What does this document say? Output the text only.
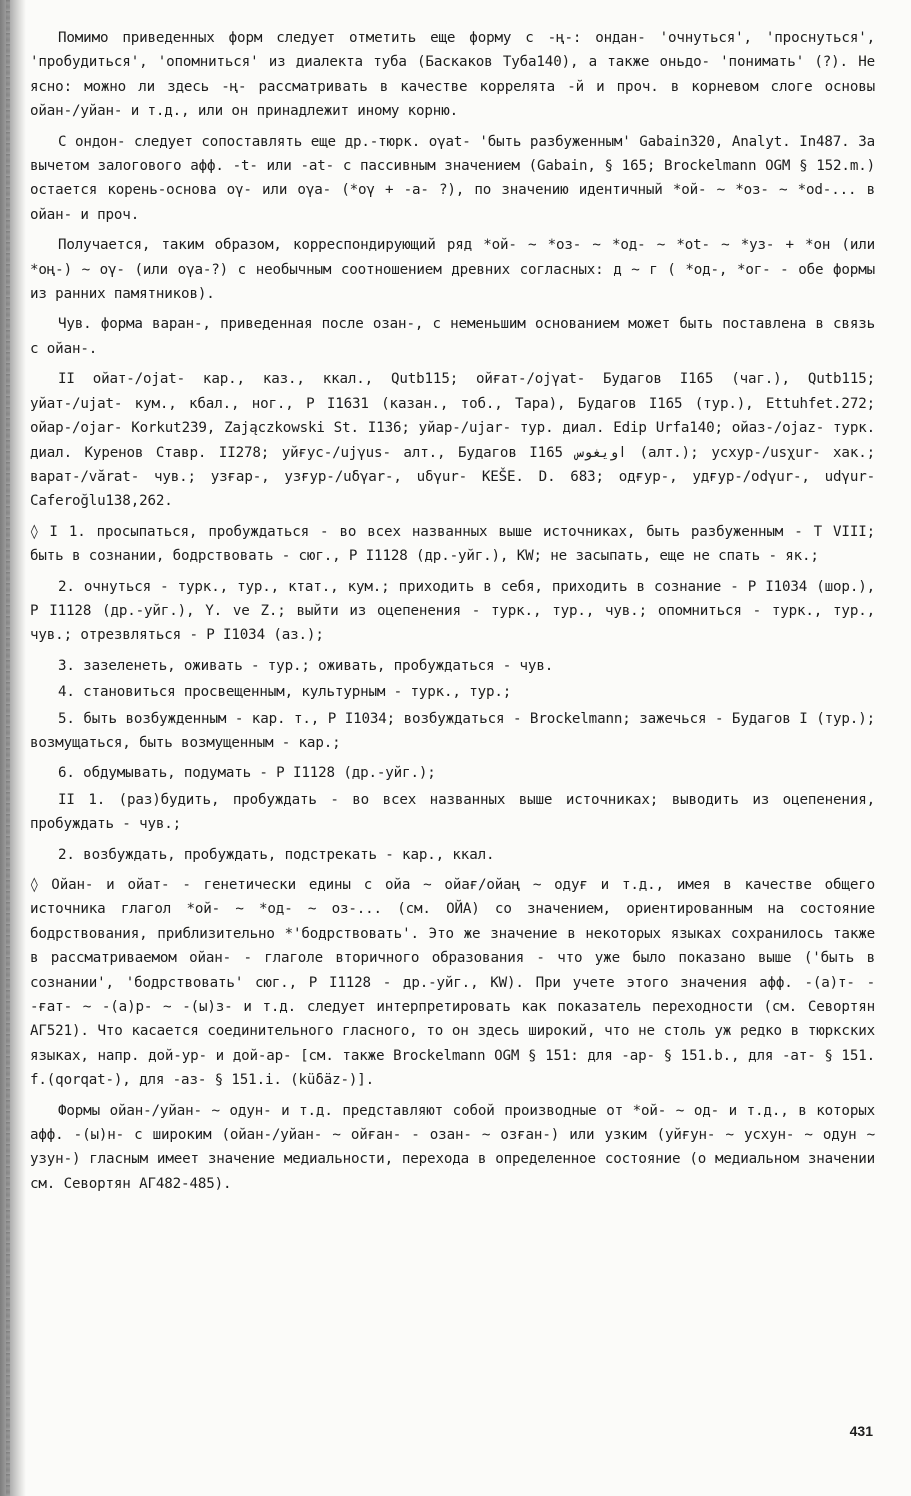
Помимо приведенных форм следует отметить еще форму с -ң-: ондан- 'очнуться', 'проснуться', 'пробудиться', 'опомниться' из диалекта туба (Баскаков Туба140), а также оньдо- 'понимать' (?). Не ясно: можно ли здесь -ң- рассматривать в качестве коррелята -й и проч. в корневом слоге основы ойан-/уйан- и т.д., или он принадлежит иному корню.

С ондон- следует сопоставлять еще др.-тюрк. ογat- 'быть разбуженным' Gabain320, Analyt. In487. За вычетом залогового афф. -t- или -at- с пассивным значением (Gabain, § 165; Brockelmann OGM § 152.m.) остается корень-основа ογ- или oγa- (*oγ + -a- ?), по значению идентичный *ой- ~ *оз- ~ *od-... в ойан- и проч.

Получается, таким образом, корреспондирующий ряд *ой- ~ *оз- ~ *од- ~ *ot- ~ *уз- + *он (или *оң-) ~ ογ- (или oγa-?) с необычным соотношением древних согласных: д ~ г ( *од-, *ог- - обе формы из ранних памятников).

Чув. форма варан-, приведенная после озан-, с неменьшим основанием может быть поставлена в связь с ойан-.

II ойат-/ojat- кар., каз., ккал., Qutb115; ойғат-/ojγat- Будагов I165 (чаг.), Qutb115; уйат-/ujat- кум., кбал., ног., Р I1631 (казан., тоб., Тара), Будагов I165 (тур.), Ettuhfet.272; ойар-/ojar- Korkut239, Zajączkowski St. I136; уйар-/ujar- тур. диал. Edip Urfa140; ойаз-/ojaz- турк. диал. Куренов Ставр. II278; уйғус-/ujγus- алт., Будагов I165 اويغوس (алт.); усхур-/usχur- хак.; варат-/vărat- чув.; узғар-, узғур-/uδγar-, uδγur- KEŠE. D. 683; одғур-, удғур-/odγur-, udγur- Caferoğlu138,262.

◊ I 1. просыпаться, пробуждаться - во всех названных выше источниках, быть разбуженным - Т VIII; быть в сознании, бодрствовать - сюг., Р I1128 (др.-уйг.), KW; не засыпать, еще не спать - як.;

2. очнуться - турк., тур., ктат., кум.; приходить в себя, приходить в сознание - Р I1034 (шор.), Р I1128 (др.-уйг.), Y. ve Z.; выйти из оцепенения - турк., тур., чув.; опомниться - турк., тур., чув.; отрезвляться - Р I1034 (аз.);

3. зазеленеть, оживать - тур.; оживать, пробуждаться - чув.

4. становиться просвещенным, культурным - турк., тур.;

5. быть возбужденным - кар. т., Р I1034; возбуждаться - Brockelmann; зажечься - Будагов I (тур.); возмущаться, быть возмущенным - кар.;

6. обдумывать, подумать - Р I1128 (др.-уйг.);

II 1. (раз)будить, пробуждать - во всех названных выше источниках; выводить из оцепенения, пробуждать - чув.;

2. возбуждать, пробуждать, подстрекать - кар., ккал.

◊ Ойан- и ойат- - генетически едины с ойа ~ ойағ/ойаң ~ одуғ и т.д., имея в качестве общего источника глагол *ой- ~ *од- ~ оз-... (см. ОЙА) со значением, ориентированным на состояние бодрствования, приблизительно *'бодрствовать'. Это же значение в некоторых языках сохранилось также в рассматриваемом ойан- - глаголе вторичного образования - что уже было показано выше ('быть в сознании', 'бодрствовать' сюг., Р I1128 - др.-уйг., KW). При учете этого значения афф. -(а)т- - -ғат- ~ -(а)р- ~ -(ы)з- и т.д. следует интерпретировать как показатель переходности (см. Севортян АГ521). Что касается соединительного гласного, то он здесь широкий, что не столь уж редко в тюркских языках, напр. дой-ур- и дой-ар- [см. также Brockelmann OGM § 151: для -ар- § 151.b., для -ат- § 151. f.(qorqat-), для -аз- § 151.i. (küδäz-)].

Формы ойан-/уйан- ~ одун- и т.д. представляют собой производные от *ой- ~ од- и т.д., в которых афф. -(ы)н- с широким (ойан-/уйан- ~ ойған- - озан- ~ озған-) или узким (уйғун- ~ усхун- ~ одун ~ узун-) гласным имеет значение медиальности, перехода в определенное состояние (о медиальном значении см. Севортян АГ482-485).

431
